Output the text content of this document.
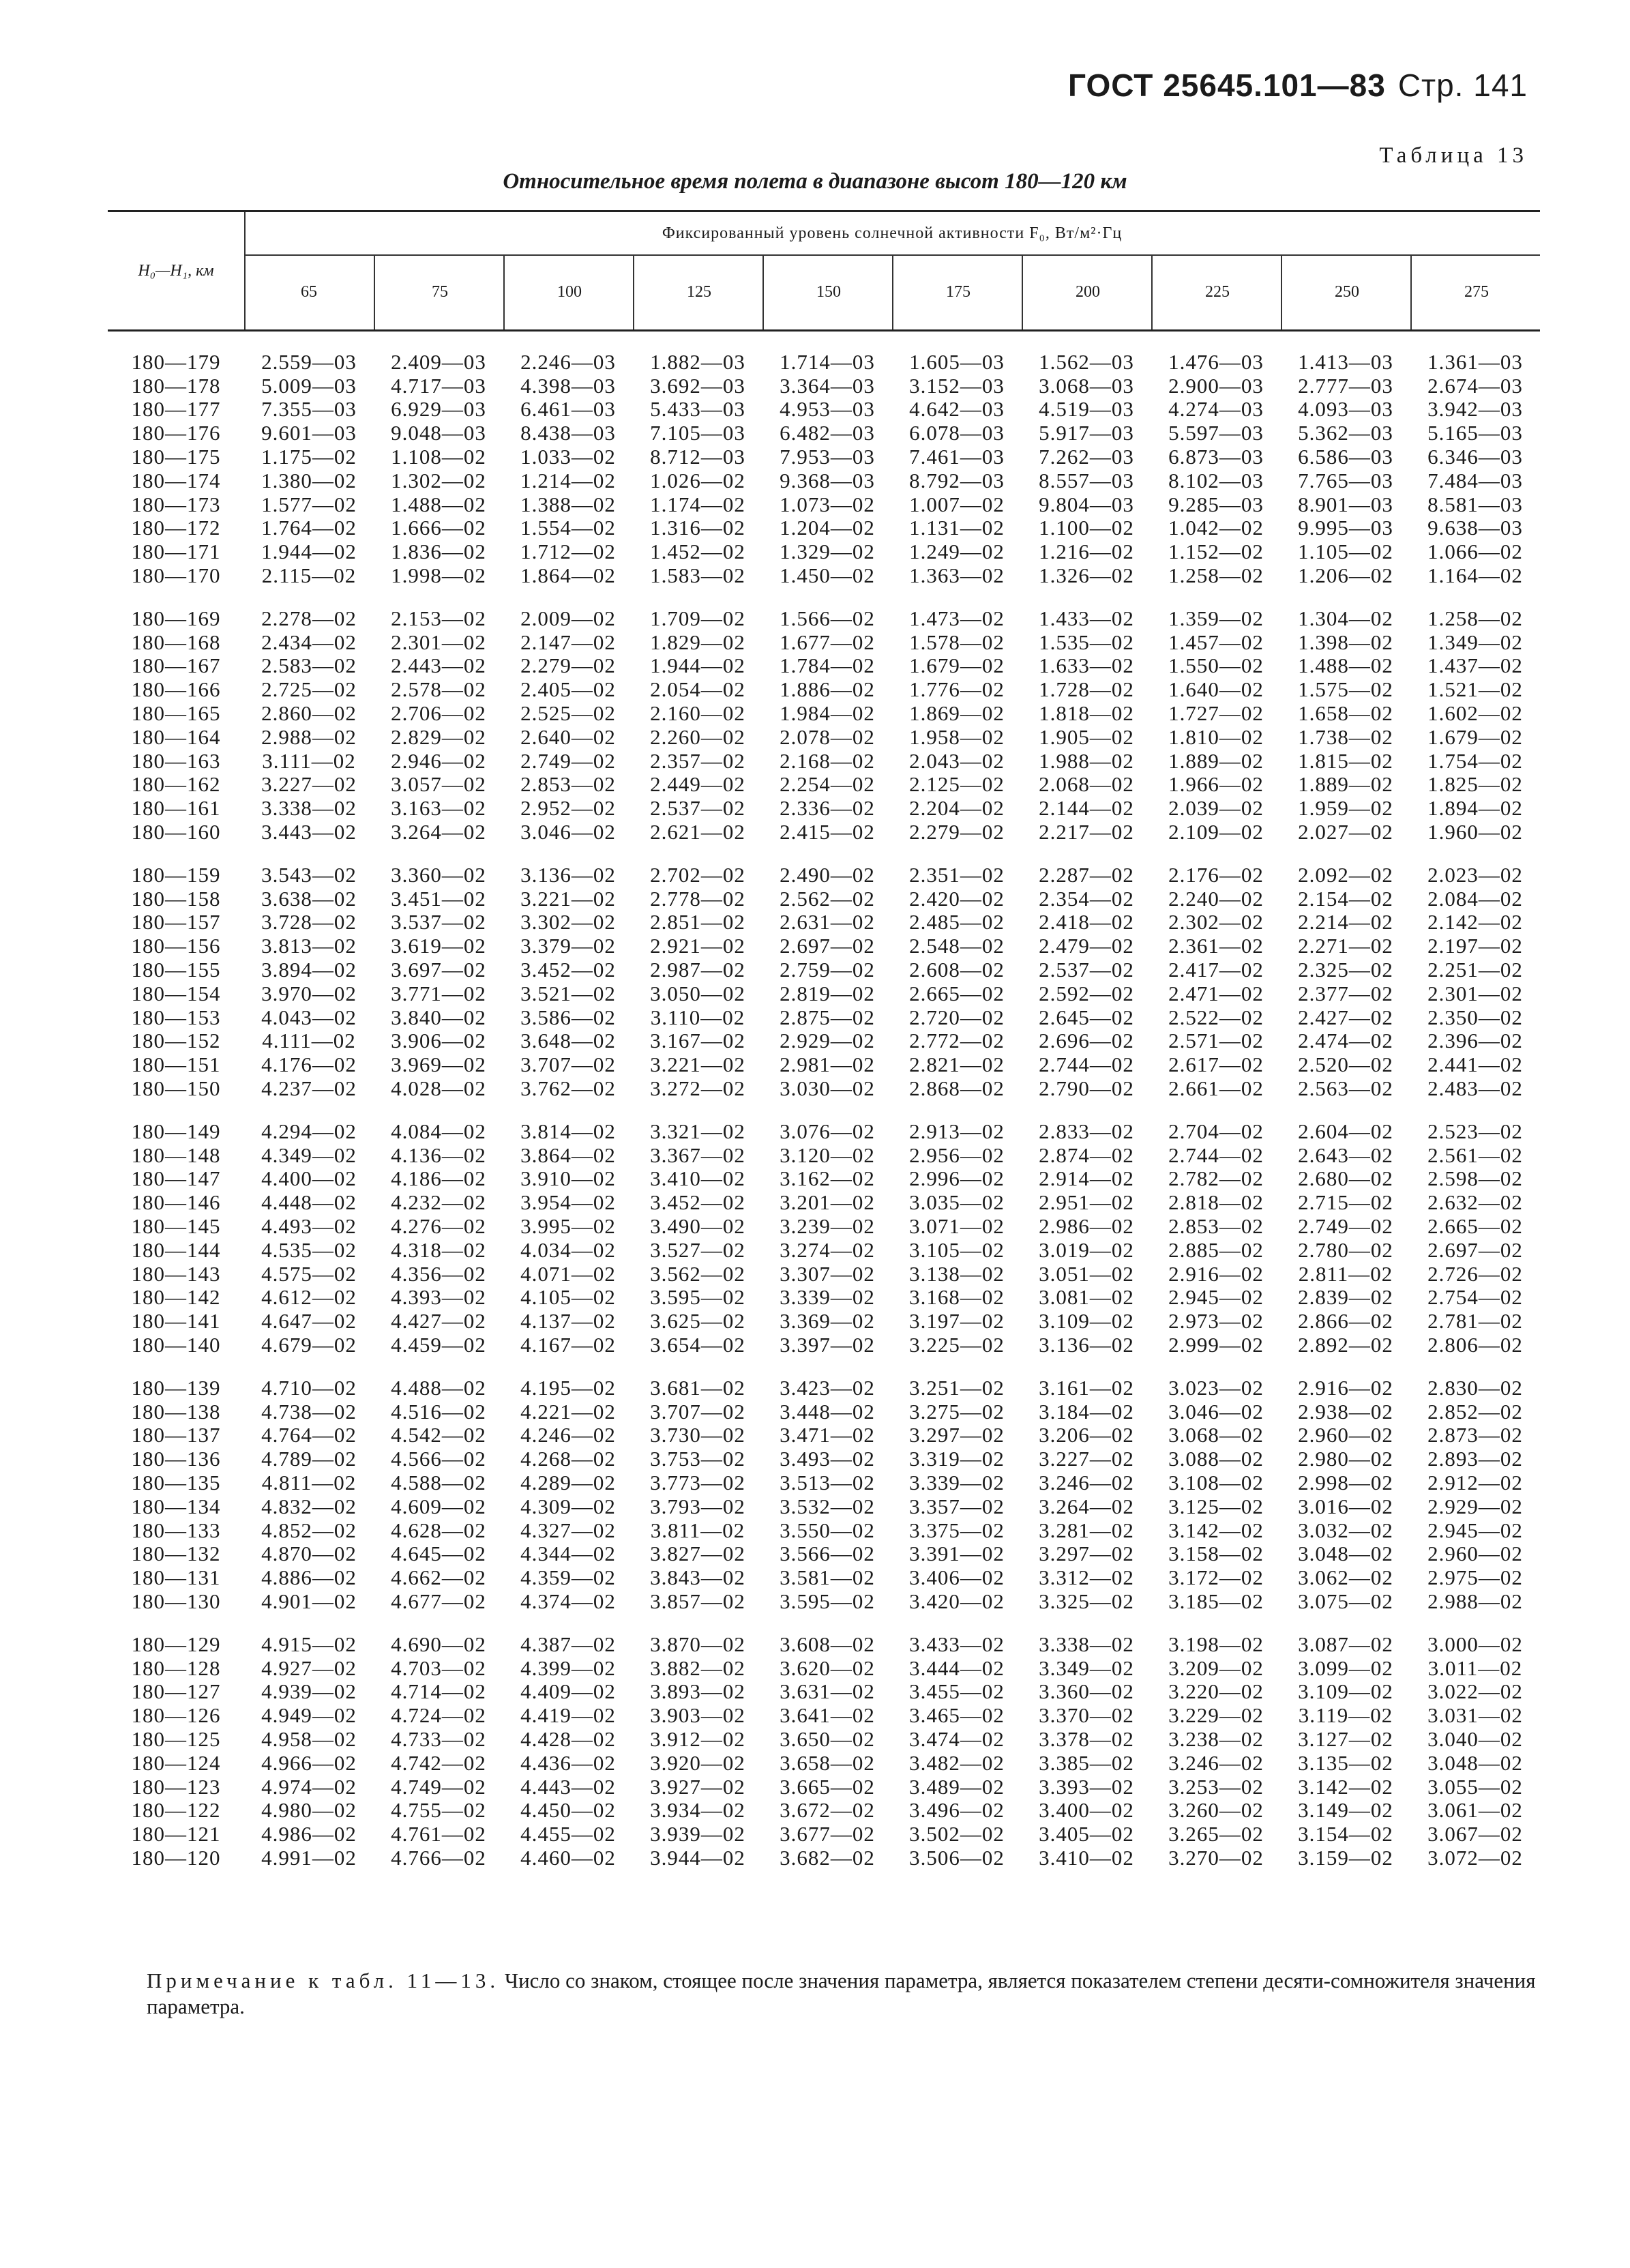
ГОСТ 25645.101—83 Стр. 141
Таблица 13
Относительное время полета в диапазоне высот 180—120 км
H₀—H₁, км
Фиксированный уровень солнечной активности F₀, Вт/м²·Гц
65	75	100	125	150	175	200	225	250	275
180—179	2.559—03	2.409—03	2.246—03	1.882—03	1.714—03	1.605—03	1.562—03	1.476—03	1.413—03	1.361—03
180—178	5.009—03	4.717—03	4.398—03	3.692—03	3.364—03	3.152—03	3.068—03	2.900—03	2.777—03	2.674—03
180—177	7.355—03	6.929—03	6.461—03	5.433—03	4.953—03	4.642—03	4.519—03	4.274—03	4.093—03	3.942—03
180—176	9.601—03	9.048—03	8.438—03	7.105—03	6.482—03	6.078—03	5.917—03	5.597—03	5.362—03	5.165—03
180—175	1.175—02	1.108—02	1.033—02	8.712—03	7.953—03	7.461—03	7.262—03	6.873—03	6.586—03	6.346—03
180—174	1.380—02	1.302—02	1.214—02	1.026—02	9.368—03	8.792—03	8.557—03	8.102—03	7.765—03	7.484—03
180—173	1.577—02	1.488—02	1.388—02	1.174—02	1.073—02	1.007—02	9.804—03	9.285—03	8.901—03	8.581—03
180—172	1.764—02	1.666—02	1.554—02	1.316—02	1.204—02	1.131—02	1.100—02	1.042—02	9.995—03	9.638—03
180—171	1.944—02	1.836—02	1.712—02	1.452—02	1.329—02	1.249—02	1.216—02	1.152—02	1.105—02	1.066—02
180—170	2.115—02	1.998—02	1.864—02	1.583—02	1.450—02	1.363—02	1.326—02	1.258—02	1.206—02	1.164—02
180—169	2.278—02	2.153—02	2.009—02	1.709—02	1.566—02	1.473—02	1.433—02	1.359—02	1.304—02	1.258—02
180—168	2.434—02	2.301—02	2.147—02	1.829—02	1.677—02	1.578—02	1.535—02	1.457—02	1.398—02	1.349—02
180—167	2.583—02	2.443—02	2.279—02	1.944—02	1.784—02	1.679—02	1.633—02	1.550—02	1.488—02	1.437—02
180—166	2.725—02	2.578—02	2.405—02	2.054—02	1.886—02	1.776—02	1.728—02	1.640—02	1.575—02	1.521—02
180—165	2.860—02	2.706—02	2.525—02	2.160—02	1.984—02	1.869—02	1.818—02	1.727—02	1.658—02	1.602—02
180—164	2.988—02	2.829—02	2.640—02	2.260—02	2.078—02	1.958—02	1.905—02	1.810—02	1.738—02	1.679—02
180—163	3.111—02	2.946—02	2.749—02	2.357—02	2.168—02	2.043—02	1.988—02	1.889—02	1.815—02	1.754—02
180—162	3.227—02	3.057—02	2.853—02	2.449—02	2.254—02	2.125—02	2.068—02	1.966—02	1.889—02	1.825—02
180—161	3.338—02	3.163—02	2.952—02	2.537—02	2.336—02	2.204—02	2.144—02	2.039—02	1.959—02	1.894—02
180—160	3.443—02	3.264—02	3.046—02	2.621—02	2.415—02	2.279—02	2.217—02	2.109—02	2.027—02	1.960—02
180—159	3.543—02	3.360—02	3.136—02	2.702—02	2.490—02	2.351—02	2.287—02	2.176—02	2.092—02	2.023—02
180—158	3.638—02	3.451—02	3.221—02	2.778—02	2.562—02	2.420—02	2.354—02	2.240—02	2.154—02	2.084—02
180—157	3.728—02	3.537—02	3.302—02	2.851—02	2.631—02	2.485—02	2.418—02	2.302—02	2.214—02	2.142—02
180—156	3.813—02	3.619—02	3.379—02	2.921—02	2.697—02	2.548—02	2.479—02	2.361—02	2.271—02	2.197—02
180—155	3.894—02	3.697—02	3.452—02	2.987—02	2.759—02	2.608—02	2.537—02	2.417—02	2.325—02	2.251—02
180—154	3.970—02	3.771—02	3.521—02	3.050—02	2.819—02	2.665—02	2.592—02	2.471—02	2.377—02	2.301—02
180—153	4.043—02	3.840—02	3.586—02	3.110—02	2.875—02	2.720—02	2.645—02	2.522—02	2.427—02	2.350—02
180—152	4.111—02	3.906—02	3.648—02	3.167—02	2.929—02	2.772—02	2.696—02	2.571—02	2.474—02	2.396—02
180—151	4.176—02	3.969—02	3.707—02	3.221—02	2.981—02	2.821—02	2.744—02	2.617—02	2.520—02	2.441—02
180—150	4.237—02	4.028—02	3.762—02	3.272—02	3.030—02	2.868—02	2.790—02	2.661—02	2.563—02	2.483—02
180—149	4.294—02	4.084—02	3.814—02	3.321—02	3.076—02	2.913—02	2.833—02	2.704—02	2.604—02	2.523—02
180—148	4.349—02	4.136—02	3.864—02	3.367—02	3.120—02	2.956—02	2.874—02	2.744—02	2.643—02	2.561—02
180—147	4.400—02	4.186—02	3.910—02	3.410—02	3.162—02	2.996—02	2.914—02	2.782—02	2.680—02	2.598—02
180—146	4.448—02	4.232—02	3.954—02	3.452—02	3.201—02	3.035—02	2.951—02	2.818—02	2.715—02	2.632—02
180—145	4.493—02	4.276—02	3.995—02	3.490—02	3.239—02	3.071—02	2.986—02	2.853—02	2.749—02	2.665—02
180—144	4.535—02	4.318—02	4.034—02	3.527—02	3.274—02	3.105—02	3.019—02	2.885—02	2.780—02	2.697—02
180—143	4.575—02	4.356—02	4.071—02	3.562—02	3.307—02	3.138—02	3.051—02	2.916—02	2.811—02	2.726—02
180—142	4.612—02	4.393—02	4.105—02	3.595—02	3.339—02	3.168—02	3.081—02	2.945—02	2.839—02	2.754—02
180—141	4.647—02	4.427—02	4.137—02	3.625—02	3.369—02	3.197—02	3.109—02	2.973—02	2.866—02	2.781—02
180—140	4.679—02	4.459—02	4.167—02	3.654—02	3.397—02	3.225—02	3.136—02	2.999—02	2.892—02	2.806—02
180—139	4.710—02	4.488—02	4.195—02	3.681—02	3.423—02	3.251—02	3.161—02	3.023—02	2.916—02	2.830—02
180—138	4.738—02	4.516—02	4.221—02	3.707—02	3.448—02	3.275—02	3.184—02	3.046—02	2.938—02	2.852—02
180—137	4.764—02	4.542—02	4.246—02	3.730—02	3.471—02	3.297—02	3.206—02	3.068—02	2.960—02	2.873—02
180—136	4.789—02	4.566—02	4.268—02	3.753—02	3.493—02	3.319—02	3.227—02	3.088—02	2.980—02	2.893—02
180—135	4.811—02	4.588—02	4.289—02	3.773—02	3.513—02	3.339—02	3.246—02	3.108—02	2.998—02	2.912—02
180—134	4.832—02	4.609—02	4.309—02	3.793—02	3.532—02	3.357—02	3.264—02	3.125—02	3.016—02	2.929—02
180—133	4.852—02	4.628—02	4.327—02	3.811—02	3.550—02	3.375—02	3.281—02	3.142—02	3.032—02	2.945—02
180—132	4.870—02	4.645—02	4.344—02	3.827—02	3.566—02	3.391—02	3.297—02	3.158—02	3.048—02	2.960—02
180—131	4.886—02	4.662—02	4.359—02	3.843—02	3.581—02	3.406—02	3.312—02	3.172—02	3.062—02	2.975—02
180—130	4.901—02	4.677—02	4.374—02	3.857—02	3.595—02	3.420—02	3.325—02	3.185—02	3.075—02	2.988—02
180—129	4.915—02	4.690—02	4.387—02	3.870—02	3.608—02	3.433—02	3.338—02	3.198—02	3.087—02	3.000—02
180—128	4.927—02	4.703—02	4.399—02	3.882—02	3.620—02	3.444—02	3.349—02	3.209—02	3.099—02	3.011—02
180—127	4.939—02	4.714—02	4.409—02	3.893—02	3.631—02	3.455—02	3.360—02	3.220—02	3.109—02	3.022—02
180—126	4.949—02	4.724—02	4.419—02	3.903—02	3.641—02	3.465—02	3.370—02	3.229—02	3.119—02	3.031—02
180—125	4.958—02	4.733—02	4.428—02	3.912—02	3.650—02	3.474—02	3.378—02	3.238—02	3.127—02	3.040—02
180—124	4.966—02	4.742—02	4.436—02	3.920—02	3.658—02	3.482—02	3.385—02	3.246—02	3.135—02	3.048—02
180—123	4.974—02	4.749—02	4.443—02	3.927—02	3.665—02	3.489—02	3.393—02	3.253—02	3.142—02	3.055—02
180—122	4.980—02	4.755—02	4.450—02	3.934—02	3.672—02	3.496—02	3.400—02	3.260—02	3.149—02	3.061—02
180—121	4.986—02	4.761—02	4.455—02	3.939—02	3.677—02	3.502—02	3.405—02	3.265—02	3.154—02	3.067—02
180—120	4.991—02	4.766—02	4.460—02	3.944—02	3.682—02	3.506—02	3.410—02	3.270—02	3.159—02	3.072—02
Примечание к табл. 11—13. Число со знаком, стоящее после значения параметра, является показателем степени десяти-сомножителя значения параметра.
